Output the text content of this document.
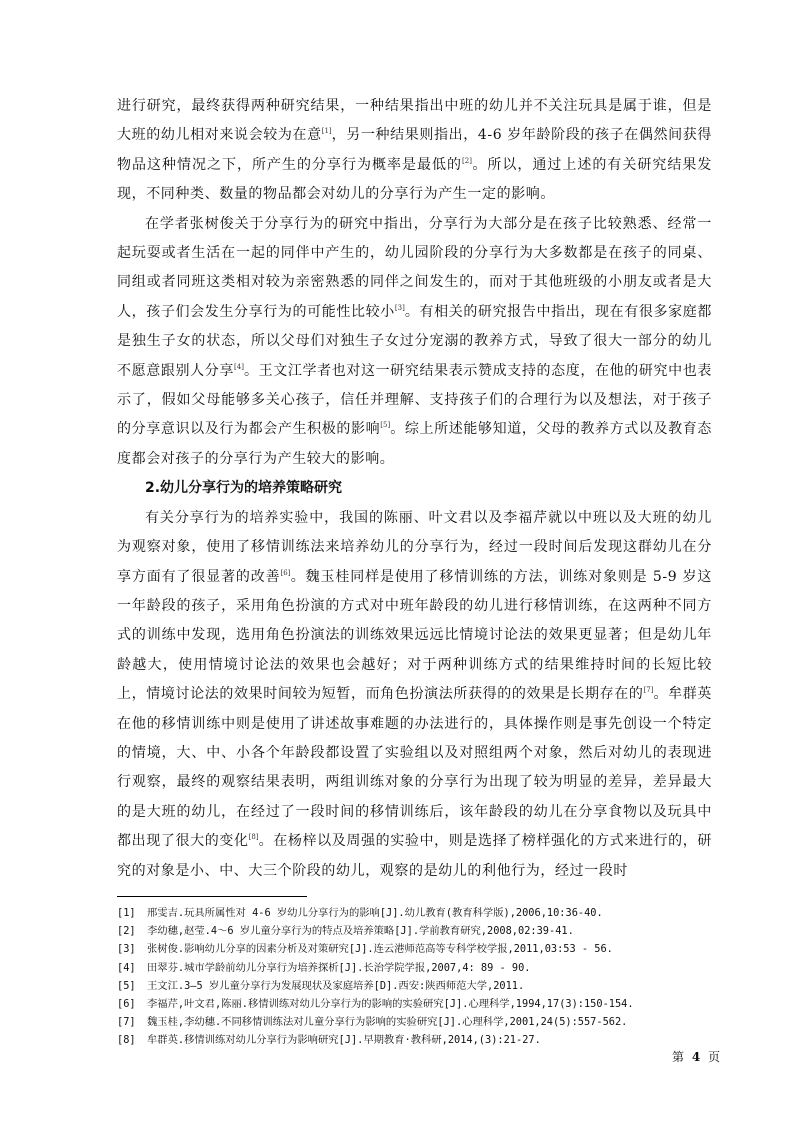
进行研究，最终获得两种研究结果，一种结果指出中班的幼儿并不关注玩具是属于谁，但是大班的幼儿相对来说会较为在意[1]，另一种结果则指出，4-6 岁年龄阶段的孩子在偶然间获得物品这种情况之下，所产生的分享行为概率是最低的[2]。所以，通过上述的有关研究结果发现，不同种类、数量的物品都会对幼儿的分享行为产生一定的影响。

在学者张树俊关于分享行为的研究中指出，分享行为大部分是在孩子比较熟悉、经常一起玩耍或者生活在一起的同伴中产生的，幼儿园阶段的分享行为大多数都是在孩子的同桌、同组或者同班这类相对较为亲密熟悉的同伴之间发生的，而对于其他班级的小朋友或者是大人，孩子们会发生分享行为的可能性比较小[3]。有相关的研究报告中指出，现在有很多家庭都是独生子女的状态，所以父母们对独生子女过分宠溺的教养方式，导致了很大一部分的幼儿不愿意跟别人分享[4]。王文江学者也对这一研究结果表示赞成支持的态度，在他的研究中也表示了，假如父母能够多关心孩子，信任并理解、支持孩子们的合理行为以及想法，对于孩子的分享意识以及行为都会产生积极的影响[5]。综上所述能够知道，父母的教养方式以及教育态度都会对孩子的分享行为产生较大的影响。

2.幼儿分享行为的培养策略研究

有关分享行为的培养实验中，我国的陈丽、叶文君以及李福芹就以中班以及大班的幼儿为观察对象，使用了移情训练法来培养幼儿的分享行为，经过一段时间后发现这群幼儿在分享方面有了很显著的改善[6]。魏玉桂同样是使用了移情训练的方法，训练对象则是 5-9 岁这一年龄段的孩子，采用角色扮演的方式对中班年龄段的幼儿进行移情训练，在这两种不同方式的训练中发现，选用角色扮演法的训练效果远远比情境讨论法的效果更显著；但是幼儿年龄越大，使用情境讨论法的效果也会越好；对于两种训练方式的结果维持时间的长短比较上，情境讨论法的效果时间较为短暂，而角色扮演法所获得的的效果是长期存在的[7]。牟群英在他的移情训练中则是使用了讲述故事难题的办法进行的，具体操作则是事先创设一个特定的情境，大、中、小各个年龄段都设置了实验组以及对照组两个对象，然后对幼儿的表现进行观察，最终的观察结果表明，两组训练对象的分享行为出现了较为明显的差异，差异最大的是大班的幼儿，在经过了一段时间的移情训练后，该年龄段的幼儿在分享食物以及玩具中都出现了很大的变化[8]。在杨梓以及周强的实验中，则是选择了榜样强化的方式来进行的，研究的对象是小、中、大三个阶段的幼儿，观察的是幼儿的利他行为，经过一段时

[1]	邢雯吉.玩具所属性对 4-6 岁幼儿分享行为的影响[J].幼儿教育(教育科学版),2006,10:36-40.
[2]	李幼穗,赵莹.4～6 岁儿童分享行为的特点及培养策略[J].学前教育研究,2008,02:39-41.
[3]	张树俊.影响幼儿分享的因素分析及对策研究[J].连云港师范高等专科学校学报,2011,03:53 - 56.
[4]	田翠芬.城市学龄前幼儿分享行为培养探析[J].长治学院学报,2007,4: 89 - 90.
[5]	王文江.3—5 岁儿童分享行为发展现状及家庭培养[D].西安:陕西师范大学,2011.
[6]	李福芹,叶文君,陈丽.移情训练对幼儿分享行为的影响的实验研究[J].心理科学,1994,17(3):150-154.
[7]	魏玉桂,李幼穗.不同移情训练法对儿童分享行为影响的实验研究[J].心理科学,2001,24(5):557-562.
[8]	牟群英.移情训练对幼儿分享行为影响研究[J].早期教育·教科研,2014,(3):21-27.
第 4 页
